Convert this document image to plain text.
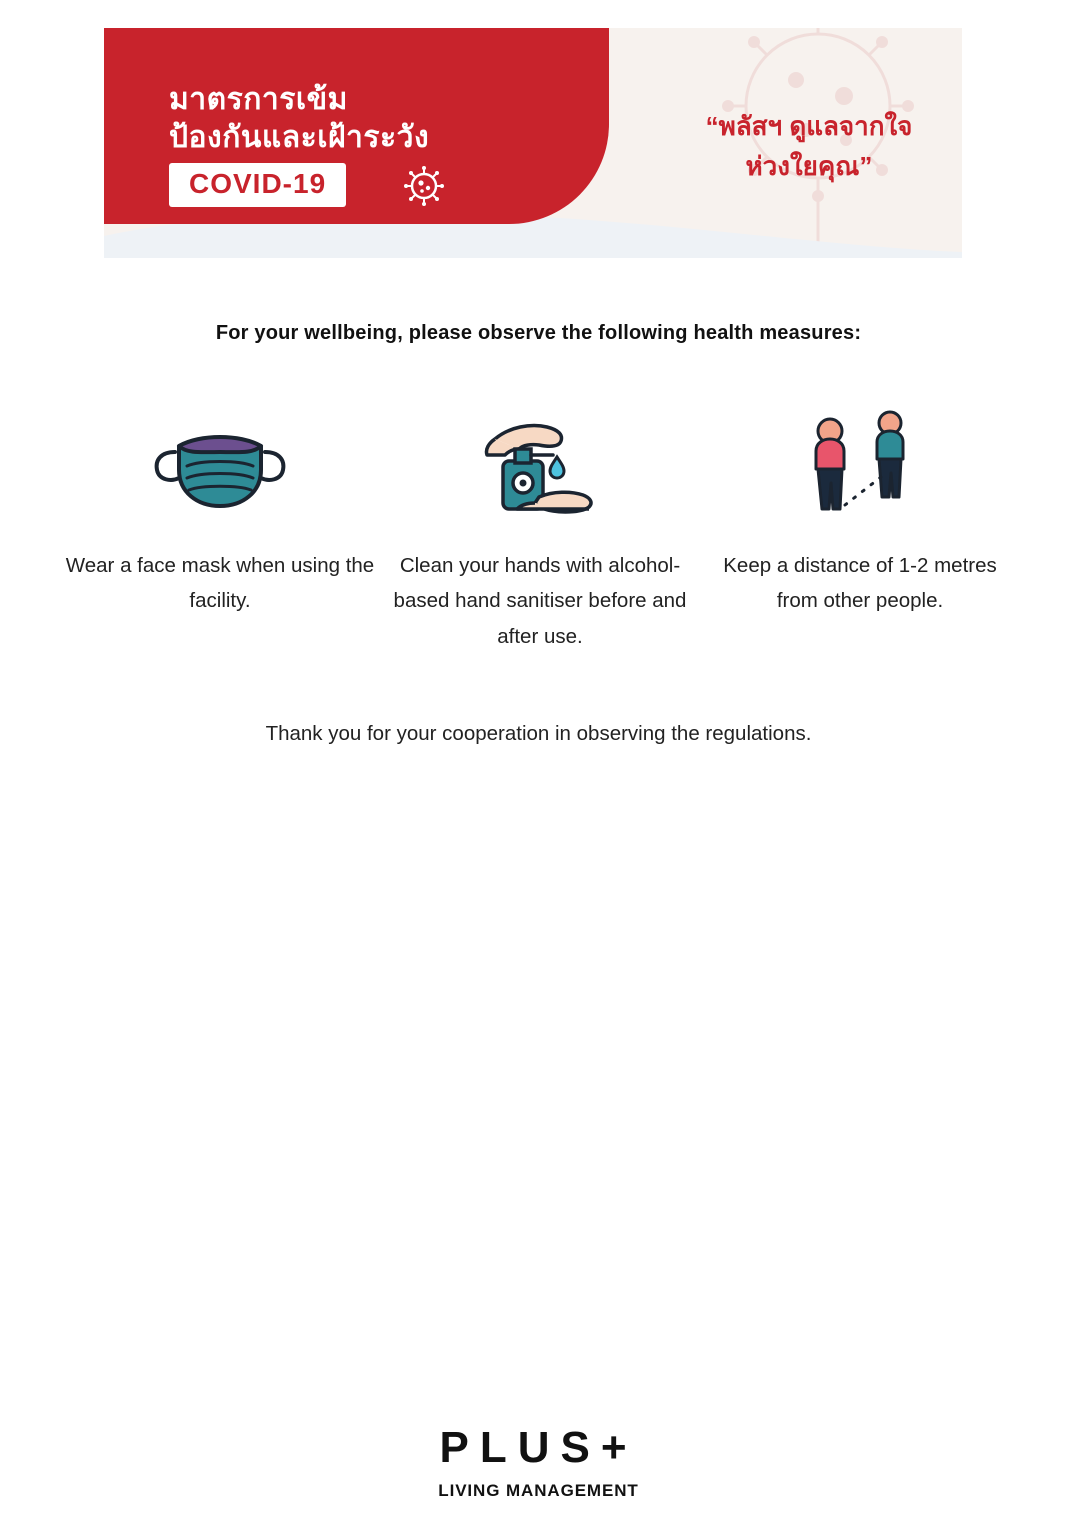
มาตรการเข้ม
ป้องกันและเฝ้าระวัง
COVID-19
“พลัสฯ ดูแลจากใจ
ห่วงใยคุณ”
For your wellbeing, please observe the following health measures:
Wear a face mask when using the facility.
Clean your hands with alcohol-based hand sanitiser before and after use.
Keep a distance of 1-2 metres from other people.
Thank you for your cooperation in observing the regulations.
PLUS+
LIVING MANAGEMENT
